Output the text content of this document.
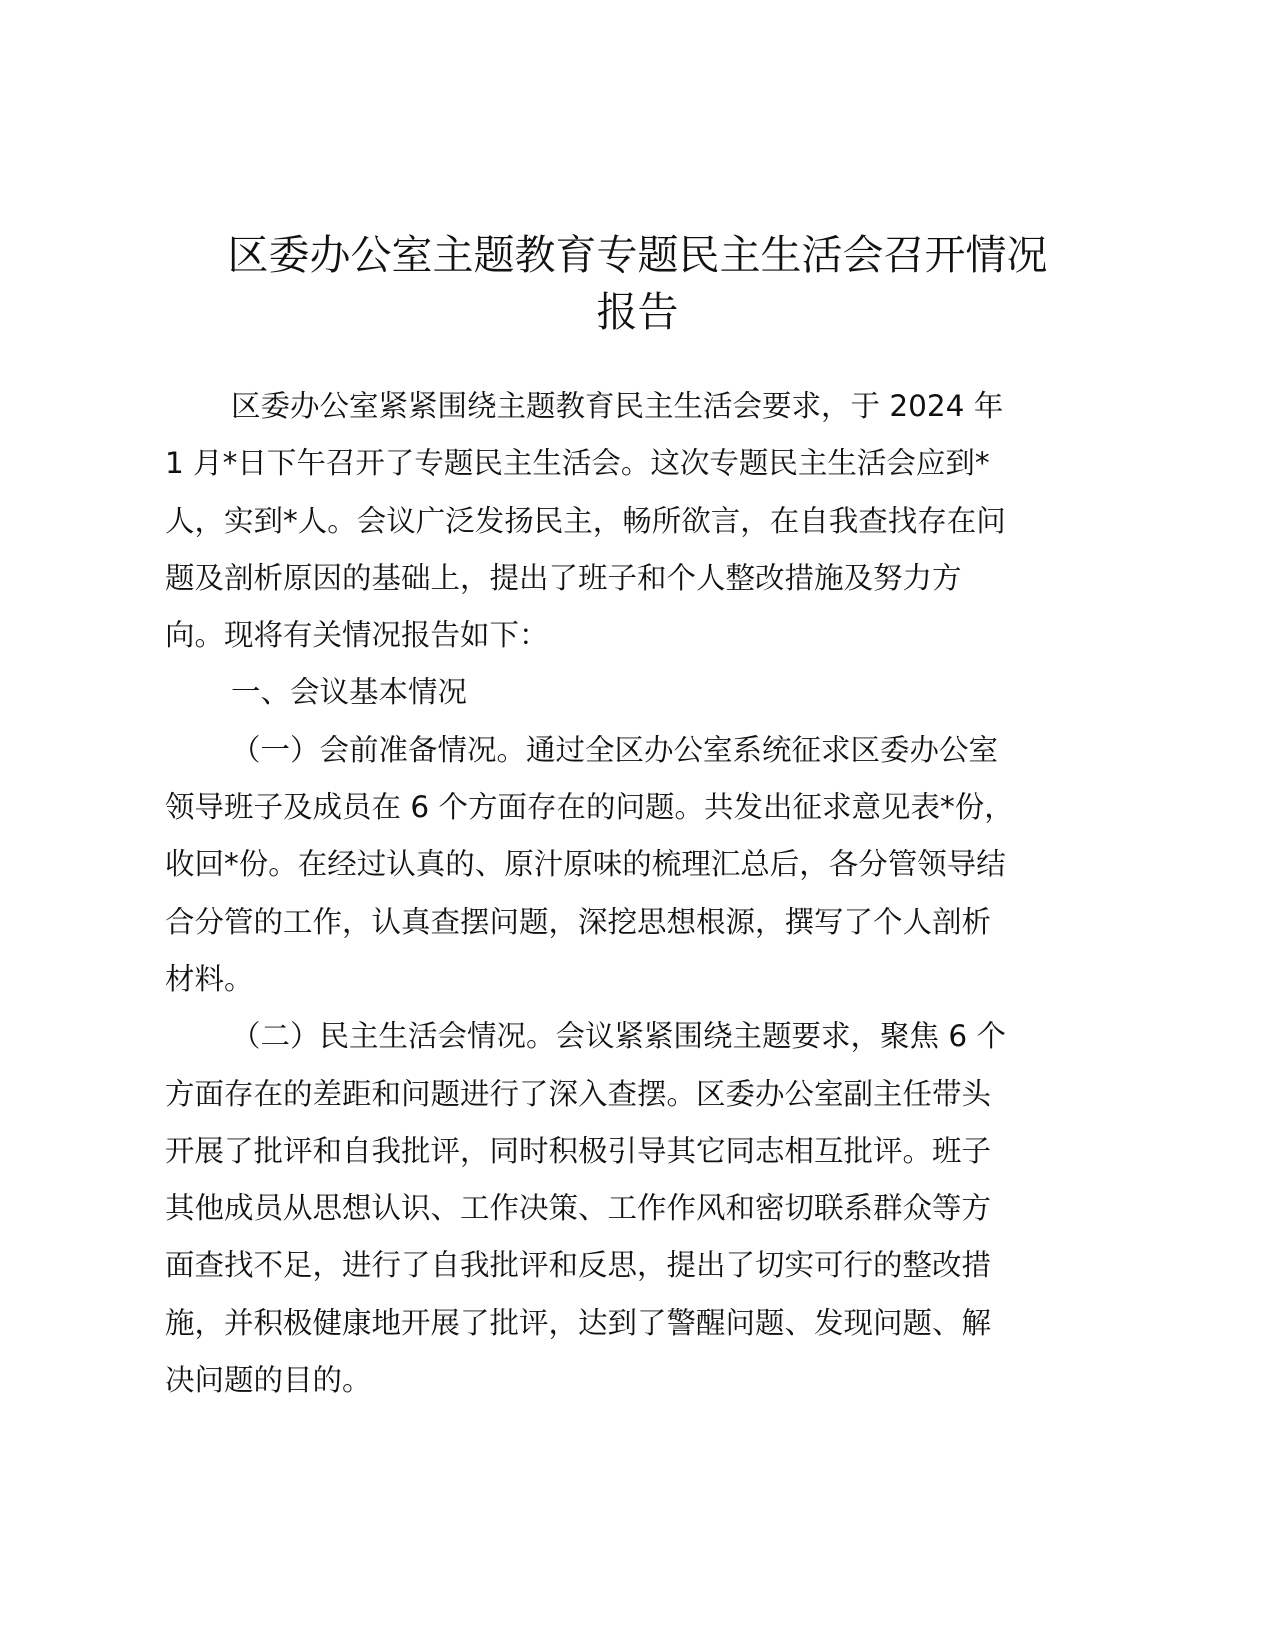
区委办公室主题教育专题民主生活会召开情况
报告
区委办公室紧紧围绕主题教育民主生活会要求，于 2024 年
1 月*日下午召开了专题民主生活会。这次专题民主生活会应到*
人，实到*人。会议广泛发扬民主，畅所欲言，在自我查找存在问
题及剖析原因的基础上，提出了班子和个人整改措施及努力方
向。现将有关情况报告如下：
一、会议基本情况
（一）会前准备情况。通过全区办公室系统征求区委办公室
领导班子及成员在 6 个方面存在的问题。共发出征求意见表*份，
收回*份。在经过认真的、原汁原味的梳理汇总后，各分管领导结
合分管的工作，认真查摆问题，深挖思想根源，撰写了个人剖析
材料。
（二）民主生活会情况。会议紧紧围绕主题要求，聚焦 6 个
方面存在的差距和问题进行了深入查摆。区委办公室副主任带头
开展了批评和自我批评，同时积极引导其它同志相互批评。班子
其他成员从思想认识、工作决策、工作作风和密切联系群众等方
面查找不足，进行了自我批评和反思，提出了切实可行的整改措
施，并积极健康地开展了批评，达到了警醒问题、发现问题、解
决问题的目的。
